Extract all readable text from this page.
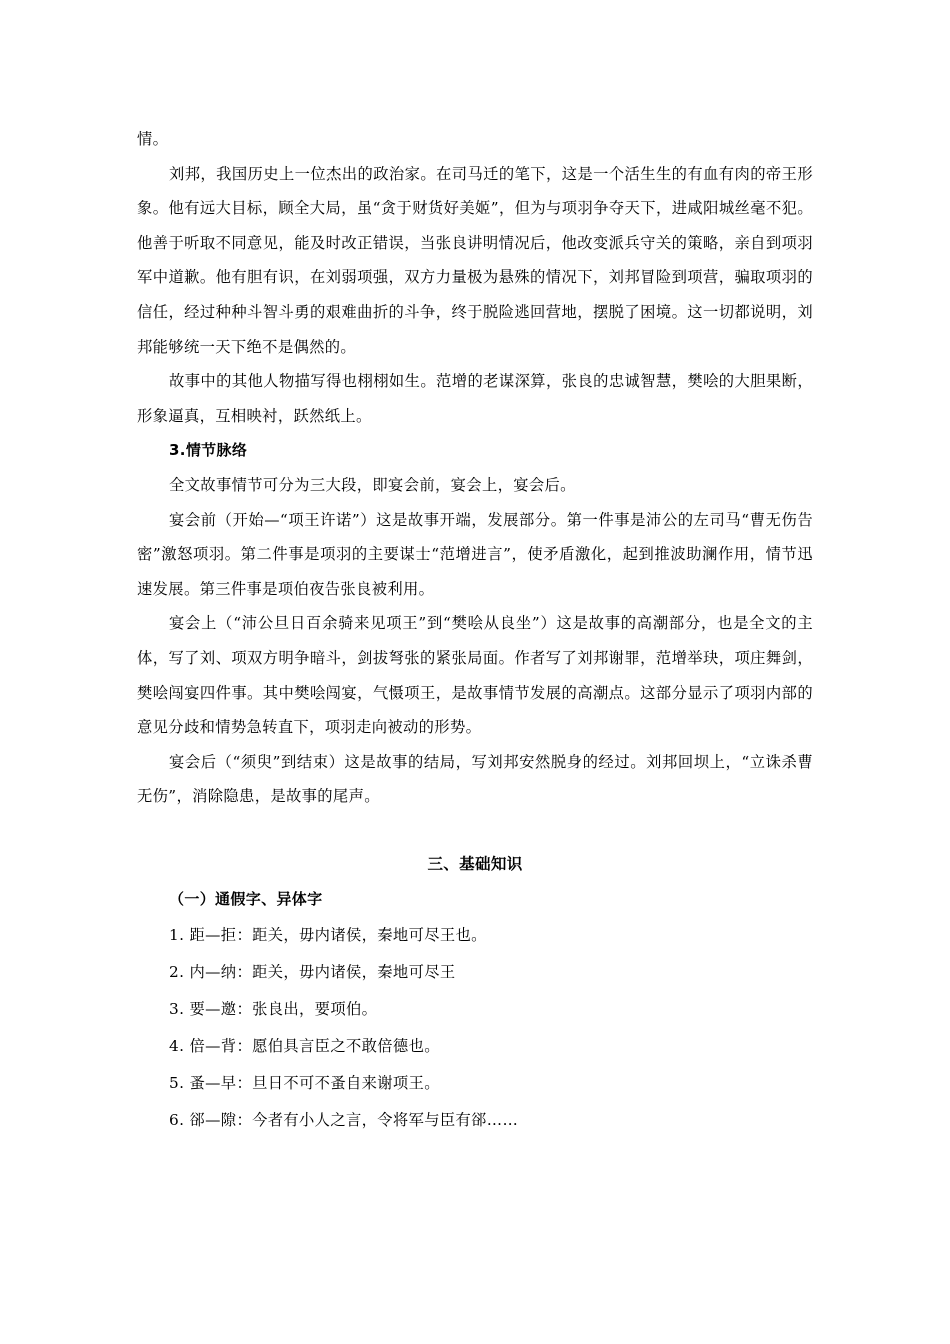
情。

刘邦，我国历史上一位杰出的政治家。在司马迁的笔下，这是一个活生生的有血有肉的帝王形象。他有远大目标，顾全大局，虽“贪于财货好美姬”，但为与项羽争夺天下，进咸阳城丝毫不犯。他善于听取不同意见，能及时改正错误，当张良讲明情况后，他改变派兵守关的策略，亲自到项羽军中道歉。他有胆有识，在刘弱项强，双方力量极为悬殊的情况下，刘邦冒险到项营，骗取项羽的信任，经过种种斗智斗勇的艰难曲折的斗争，终于脱险逃回营地，摆脱了困境。这一切都说明，刘邦能够统一天下绝不是偶然的。

故事中的其他人物描写得也栩栩如生。范增的老谋深算，张良的忠诚智慧，樊哙的大胆果断，形象逼真，互相映衬，跃然纸上。

3.情节脉络

全文故事情节可分为三大段，即宴会前，宴会上，宴会后。

宴会前（开始—“项王许诺”）这是故事开端，发展部分。第一件事是沛公的左司马“曹无伤告密”激怒项羽。第二件事是项羽的主要谋士“范增进言”，使矛盾激化，起到推波助澜作用，情节迅速发展。第三件事是项伯夜告张良被利用。

宴会上（“沛公旦日百余骑来见项王”到“樊哙从良坐”）这是故事的高潮部分，也是全文的主体，写了刘、项双方明争暗斗，剑拔弩张的紧张局面。作者写了刘邦谢罪，范增举玦，项庄舞剑，樊哙闯宴四件事。其中樊哙闯宴，气慑项王，是故事情节发展的高潮点。这部分显示了项羽内部的意见分歧和情势急转直下，项羽走向被动的形势。

宴会后（“须臾”到结束）这是故事的结局，写刘邦安然脱身的经过。刘邦回坝上，“立诛杀曹无伤”，消除隐患，是故事的尾声。

三、基础知识

（一）通假字、异体字

1. 距—拒：距关，毋内诸侯，秦地可尽王也。

2. 内—纳：距关，毋内诸侯，秦地可尽王

3. 要—邀：张良出，要项伯。

4. 倍—背：愿伯具言臣之不敢倍德也。

5. 蚤—早：旦日不可不蚤自来谢项王。

6. 郤—隙：今者有小人之言，令将军与臣有郤……
